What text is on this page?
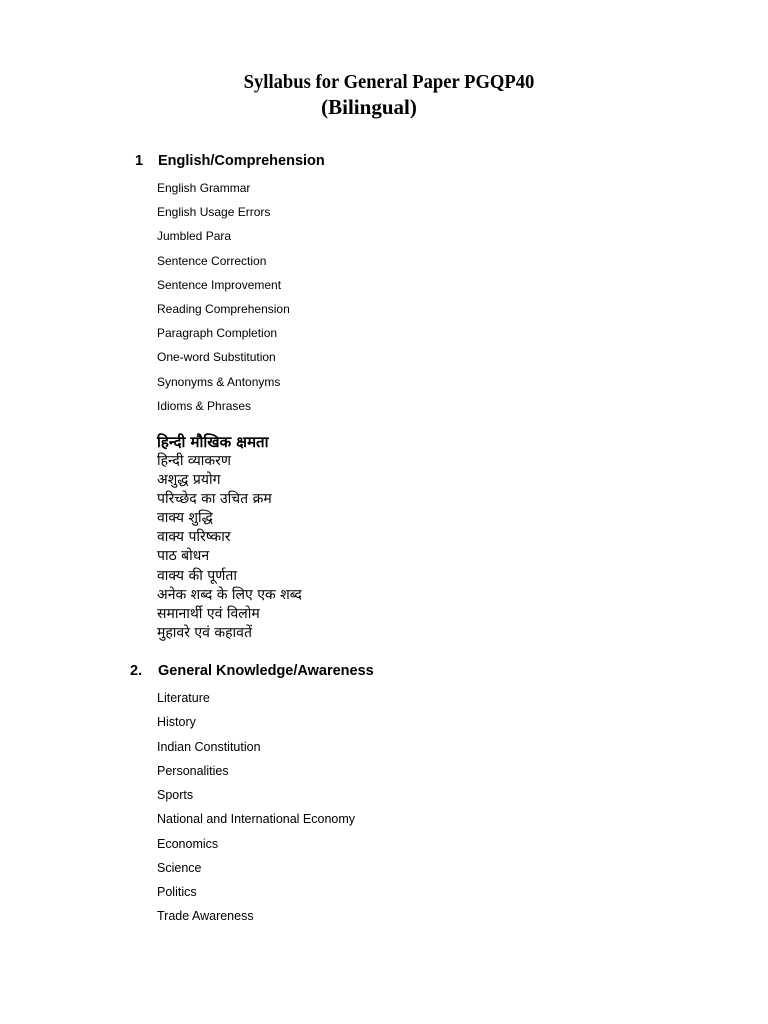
Syllabus for General Paper PGQP40
(Bilingual)
1 English/Comprehension
English Grammar
English Usage Errors
Jumbled Para
Sentence Correction
Sentence Improvement
Reading Comprehension
Paragraph Completion
One-word Substitution
Synonyms & Antonyms
Idioms & Phrases
हिन्दी मौखिक क्षमता
हिन्दी व्याकरण
अशुद्ध प्रयोग
परिच्छेद का उचित क्रम
वाक्य शुद्धि
वाक्य परिष्कार
पाठ बोधन
वाक्य की पूर्णता
अनेक शब्द के लिए एक शब्द
समानार्थी एवं विलोम
मुहावरे एवं कहावतें
2. General Knowledge/Awareness
Literature
History
Indian Constitution
Personalities
Sports
National and International Economy
Economics
Science
Politics
Trade Awareness
